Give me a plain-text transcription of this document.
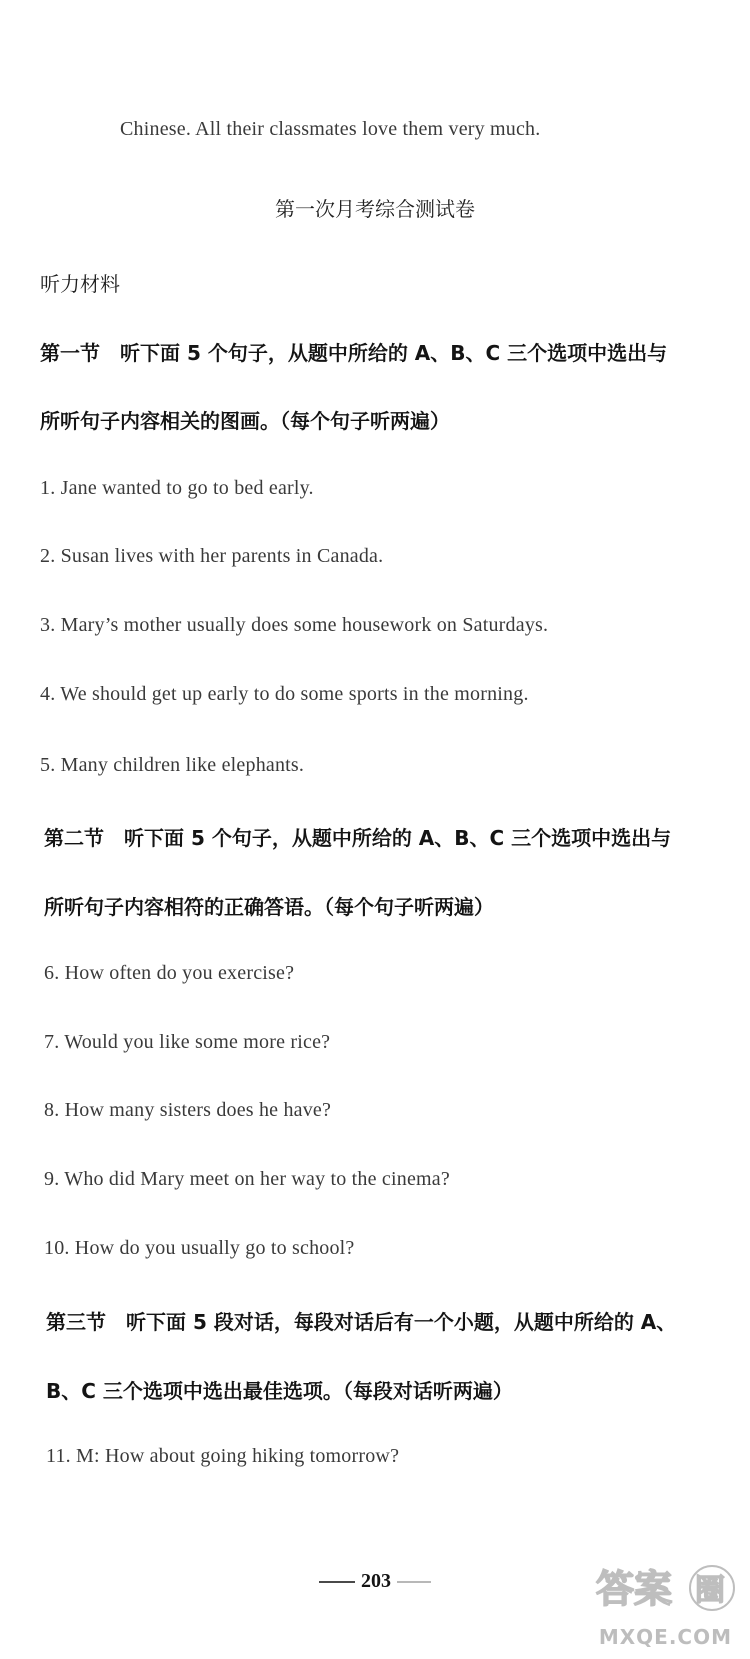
Chinese. All their classmates love them very much.
第一次月考综合测试卷
听力材料
第一节 听下面 5 个句子，从题中所给的 A、B、C 三个选项中选出与
所听句子内容相关的图画。（每个句子听两遍）
1. Jane wanted to go to bed early.
2. Susan lives with her parents in Canada.
3. Mary’s mother usually does some housework on Saturdays.
4. We should get up early to do some sports in the morning.
5. Many children like elephants.
第二节 听下面 5 个句子，从题中所给的 A、B、C 三个选项中选出与
所听句子内容相符的正确答语。（每个句子听两遍）
6. How often do you exercise?
7. Would you like some more rice?
8. How many sisters does he have?
9. Who did Mary meet on her way to the cinema?
10. How do you usually go to school?
第三节 听下面 5 段对话，每段对话后有一个小题，从题中所给的 A、
B、C 三个选项中选出最佳选项。（每段对话听两遍）
11. M: How about going hiking tomorrow?
203	答案 圈
MXQE.COM
